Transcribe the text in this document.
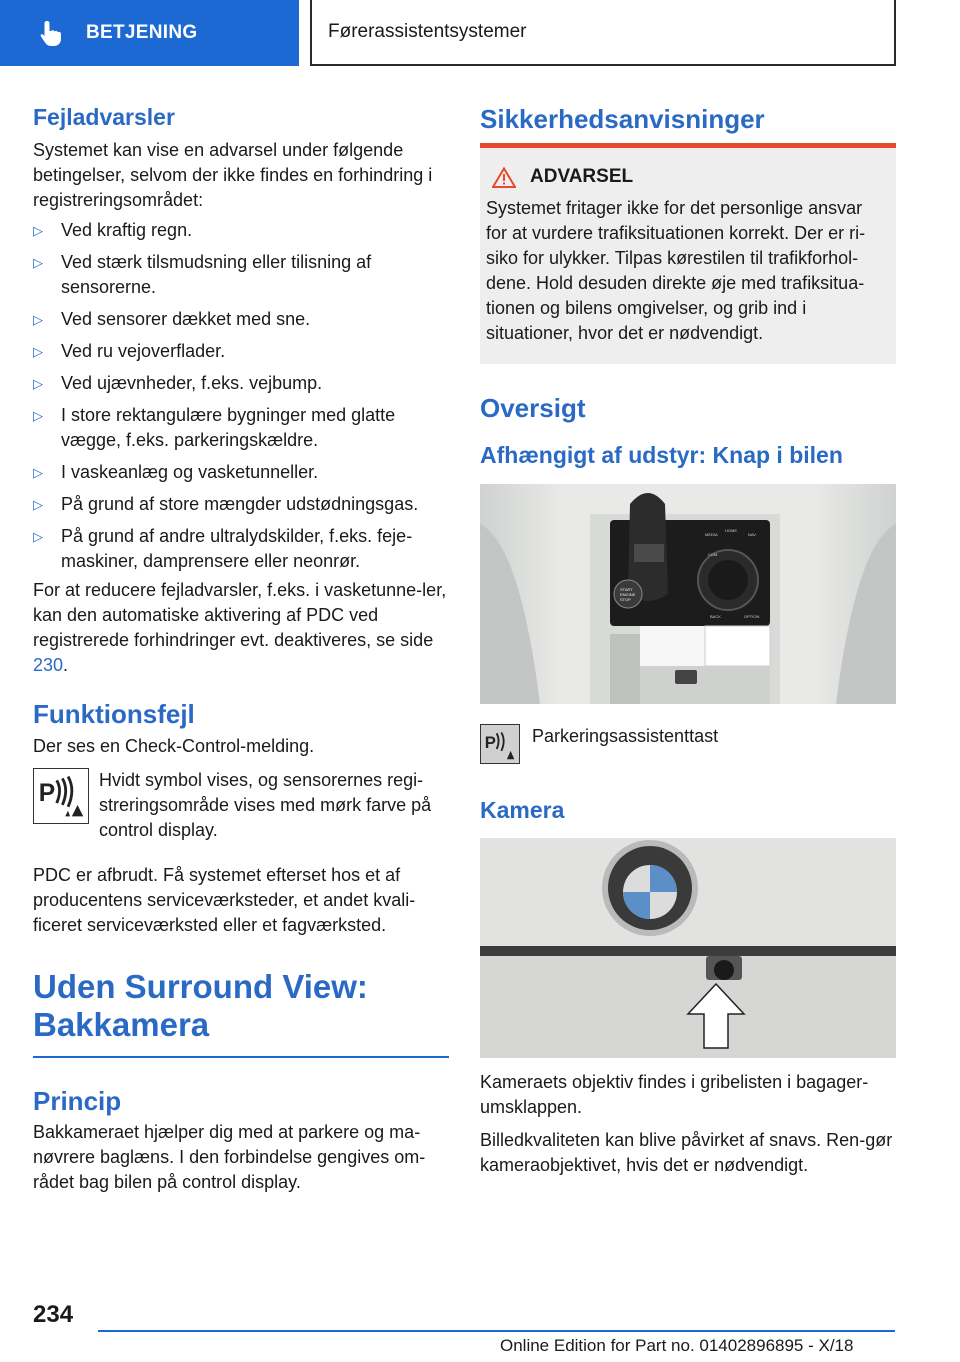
BETJENING	Førerassistentsystemer
Fejladvarsler

Systemet kan vise en advarsel under følgende betingelser, selvom der ikke findes en forhindring i registreringsområdet:

▷ Ved kraftig regn.
▷ Ved stærk tilsmudsning eller tilisning af sensorerne.
▷ Ved sensorer dækket med sne.
▷ Ved ru vejoverflader.
▷ Ved ujævnheder, f.eks. vejbump.
▷ I store rektangulære bygninger med glatte vægge, f.eks. parkeringskældre.
▷ I vaskeanlæg og vasketunneller.
▷ På grund af store mængder udstødningsgas.
▷ På grund af andre ultralydskilder, f.eks. feje-maskiner, damprensere eller neonrør.

For at reducere fejladvarsler, f.eks. i vasketunne-ler, kan den automatiske aktivering af PDC ved registrerede forhindringer evt. deaktiveres, se side 230.

Funktionsfejl

Der ses en Check-Control-melding.

P

Hvidt symbol vises, og sensorernes regi-streringsområde vises med mørk farve på control display.

PDC er afbrudt. Få systemet efterset hos et af producentens serviceværksteder, et andet kvali-ficeret serviceværksted eller et fagværksted.

Uden Surround View:
Bakkamera
Princip

Bakkameraet hjælper dig med at parkere og ma-nøvrere baglæns. I den forbindelse gengives om-rådet bag bilen på control display.

Sikkerhedsanvisninger
ADVARSEL

Systemet fritager ikke for det personlige ansvar for at vurdere trafiksituationen korrekt. Der er ri-siko for ulykker. Tilpas kørestilen til trafikforhol-dene. Hold desuden direkte øje med trafiksitua-tionen og bilens omgivelser, og grib ind i situationer, hvor det er nødvendigt.

Oversigt
Afhængigt af udstyr: Knap i bilen
START
ENGINE
STOP
MEDIA
HOME
NAV
COM
BACK	OPTION
P	Parkeringsassistenttast

Kamera

Kameraets objektiv findes i gribelisten i bagager-umsklappen.

Billedkvaliteten kan blive påvirket af snavs. Ren-gør kameraobjektivet, hvis det er nødvendigt.

234
Online Edition for Part no. 01402896895 - X/18
